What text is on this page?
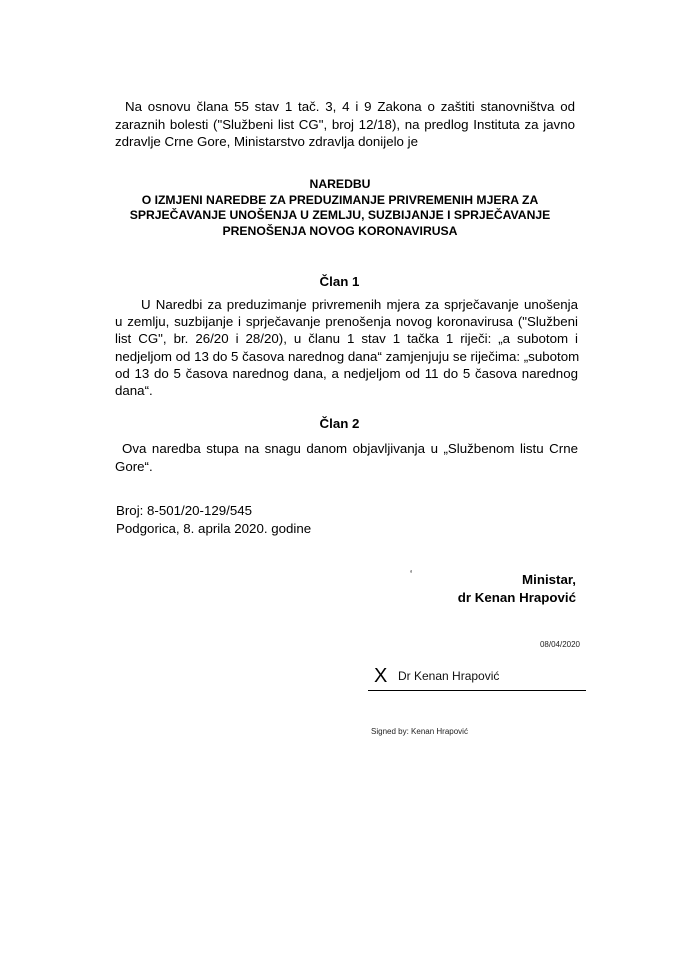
Na osnovu člana 55 stav 1 tač. 3, 4 i 9 Zakona o zaštiti stanovništva od zaraznih bolesti ("Službeni list CG", broj 12/18), na predlog Instituta za javno zdravlje Crne Gore, Ministarstvo zdravlja donijelo je

NAREDBU
O IZMJENI NAREDBE ZA PREDUZIMANJE PRIVREMENIH MJERA ZA
SPRJEČAVANJE UNOŠENJA U ZEMLJU, SUZBIJANJE I SPRJEČAVANJE
PRENOŠENJA NOVOG KORONAVIRUSA
Član 1
U Naredbi za preduzimanje privremenih mjera za sprječavanje unošenja
u zemlju, suzbijanje i sprječavanje prenošenja novog koronavirusa ("Službeni
list CG", br. 26/20 i 28/20), u članu 1 stav 1 tačka 1 riječi: „a subotom i
nedjeljom od 13 do 5 časova narednog dana“ zamjenjuju se riječima: „subotom
od 13 do 5 časova narednog dana, a nedjeljom od 11 do 5 časova narednog
dana“.
Član 2
Ova naredba stupa na snagu danom objavljivanja u „Službenom listu Crne
Gore“.
Broj: 8-501/20-129/545
Podgorica, 8. aprila 2020. godine
‘	Ministar,
dr Kenan Hrapović
08/04/2020
X Dr Kenan Hrapović
Signed by: Kenan Hrapović
